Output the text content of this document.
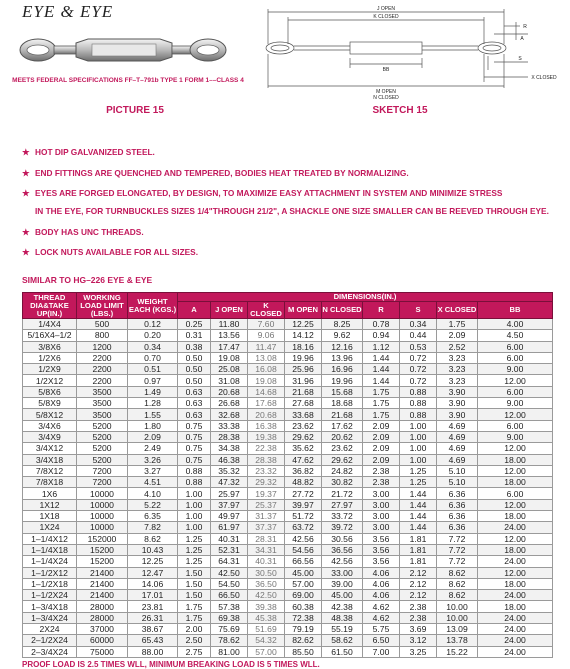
EYE & EYE
MEETS FEDERAL SPECIFICATIONS FF–T–791b TYPE 1 FORM 1––CLASS 4
PICTURE 15
J OPEN
K CLOSED
R
A
S
BB
X CLOSED
M OPEN
N CLOSED
SKETCH 15
★ HOT DIP GALVANIZED STEEL.
★ END FITTINGS ARE QUENCHED AND TEMPERED, BODIES HEAT TREATED BY NORMALIZING.
★ EYES ARE FORGED ELONGATED, BY DESIGN, TO MAXIMIZE EASY ATTACHMENT IN SYSTEM AND MINIMIZE STRESS
IN THE EYE, FOR TURNBUCKLES SIZES 1/4"THROUGH 21/2", A SHACKLE ONE SIZE SMALLER CAN BE REEVED THROUGH EYE.
★ BODY HAS UNC THREADS.
★ LOCK NUTS AVAILABLE FOR ALL SIZES.
SIMILAR TO HG–226 EYE & EYE
THREAD DIA&TAKE UP(IN.)	WORKING LOAD LIMIT (LBS.)	WEIGHT EACH (KGS.)	DIMENSIONS(IN.)								
			A	J OPEN	K CLOSED	M OPEN	N CLOSED	R	S	X CLOSED	BB
1/4X4	500	0.12	0.25	11.80	7.60	12.25	8.25	0.78	0.34	1.75	4.00
5/16X4–1/2	800	0.20	0.31	13.56	9.06	14.12	9.62	0.94	0.44	2.09	4.50
3/8X6	1200	0.34	0.38	17.47	11.47	18.16	12.16	1.12	0.53	2.52	6.00
1/2X6	2200	0.70	0.50	19.08	13.08	19.96	13.96	1.44	0.72	3.23	6.00
1/2X9	2200	0.51	0.50	25.08	16.08	25.96	16.96	1.44	0.72	3.23	9.00
1/2X12	2200	0.97	0.50	31.08	19.08	31.96	19.96	1.44	0.72	3.23	12.00
5/8X6	3500	1.49	0.63	20.68	14.68	21.68	15.68	1.75	0.88	3.90	6.00
5/8X9	3500	1.28	0.63	26.68	17.68	27.68	18.68	1.75	0.88	3.90	9.00
5/8X12	3500	1.55	0.63	32.68	20.68	33.68	21.68	1.75	0.88	3.90	12.00
3/4X6	5200	1.80	0.75	33.38	16.38	23.62	17.62	2.09	1.00	4.69	6.00
3/4X9	5200	2.09	0.75	28.38	19.38	29.62	20.62	2.09	1.00	4.69	9.00
3/4X12	5200	2.49	0.75	34.38	22.38	35.62	23.62	2.09	1.00	4.69	12.00
3/4X18	5200	3.26	0.75	46.38	28.38	47.62	29.62	2.09	1.00	4.69	18.00
7/8X12	7200	3.27	0.88	35.32	23.32	36.82	24.82	2.38	1.25	5.10	12.00
7/8X18	7200	4.51	0.88	47.32	29.32	48.82	30.82	2.38	1.25	5.10	18.00
1X6	10000	4.10	1.00	25.97	19.37	27.72	21.72	3.00	1.44	6.36	6.00
1X12	10000	5.22	1.00	37.97	25.37	39.97	27.97	3.00	1.44	6.36	12.00
1X18	10000	6.35	1.00	49.97	31.37	51.72	33.72	3.00	1.44	6.36	18.00
1X24	10000	7.82	1.00	61.97	37.37	63.72	39.72	3.00	1.44	6.36	24.00
1–1/4X12	152000	8.62	1.25	40.31	28.31	42.56	30.56	3.56	1.81	7.72	12.00
1–1/4X18	15200	10.43	1.25	52.31	34.31	54.56	36.56	3.56	1.81	7.72	18.00
1–1/4X24	15200	12.25	1.25	64.31	40.31	66.56	42.56	3.56	1.81	7.72	24.00
1–1/2X12	21400	12.47	1.50	42.50	30.50	45.00	33.00	4.06	2.12	8.62	12.00
1–1/2X18	21400	14.06	1.50	54.50	36.50	57.00	39.00	4.06	2.12	8.62	18.00
1–1/2X24	21400	17.01	1.50	66.50	42.50	69.00	45.00	4.06	2.12	8.62	24.00
1–3/4X18	28000	23.81	1.75	57.38	39.38	60.38	42.38	4.62	2.38	10.00	18.00
1–3/4X24	28000	26.31	1.75	69.38	45.38	72.38	48.38	4.62	2.38	10.00	24.00
2X24	37000	38.67	2.00	75.69	51.69	79.19	55.19	5.75	3.69	13.09	24.00
2–1/2X24	60000	65.43	2.50	78.62	54.32	82.62	58.62	6.50	3.12	13.78	24.00
2–3/4X24	75000	88.00	2.75	81.00	57.00	85.50	61.50	7.00	3.25	15.22	24.00
PROOF LOAD IS 2.5 TIMES WLL, MINIMUM BREAKING LOAD IS 5 TIMES WLL.
